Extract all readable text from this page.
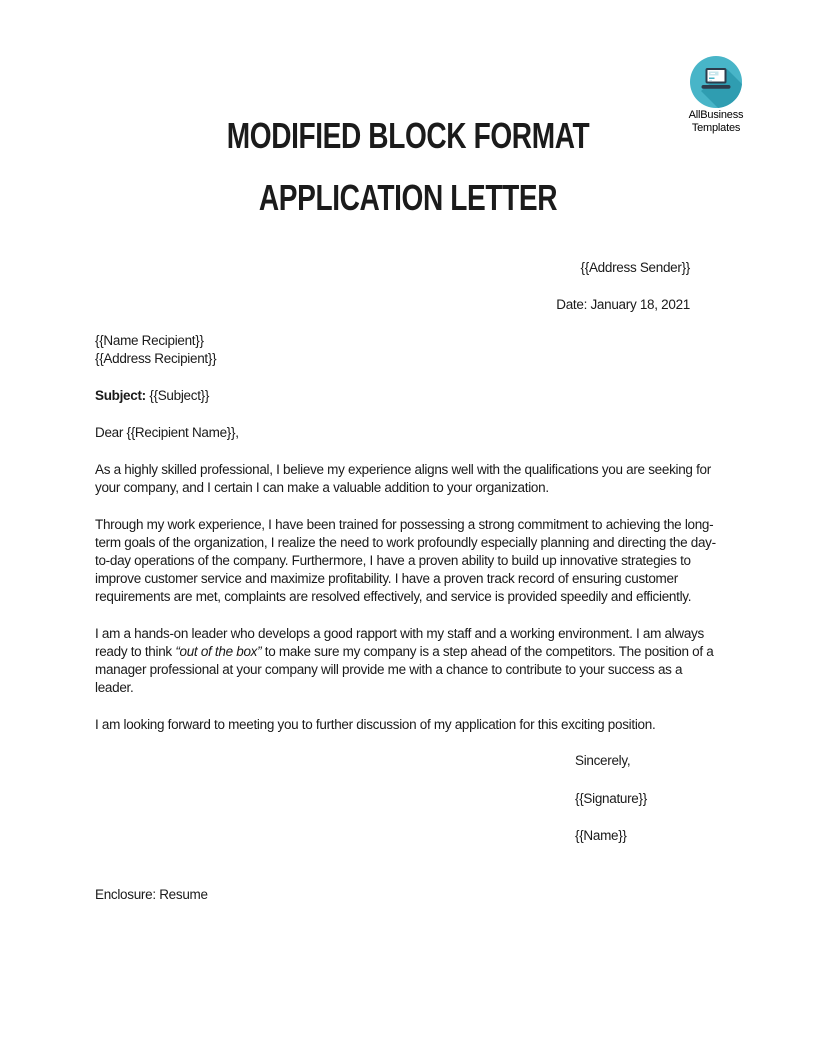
AllBusiness
Templates
MODIFIED BLOCK FORMAT
APPLICATION LETTER
{{Address Sender}}
Date: January 18, 2021
{{Name Recipient}}
{{Address Recipient}}

Subject: {{Subject}}

Dear {{Recipient Name}},

As a highly skilled professional, I believe my experience aligns well with the qualifications you are seeking for your company, and I certain I can make a valuable addition to your organization.

Through my work experience, I have been trained for possessing a strong commitment to achieving the long-term goals of the organization, I realize the need to work profoundly especially planning and directing the day-to-day operations of the company. Furthermore, I have a proven ability to build up innovative strategies to improve customer service and maximize profitability. I have a proven track record of ensuring customer requirements are met, complaints are resolved effectively, and service is provided speedily and efficiently.

I am a hands-on leader who develops a good rapport with my staff and a working environment. I am always ready to think “out of the box” to make sure my company is a step ahead of the competitors. The position of a manager professional at your company will provide me with a chance to contribute to your success as a leader.

I am looking forward to meeting you to further discussion of my application for this exciting position.

Sincerely,

{{Signature}}

{{Name}}

Enclosure: Resume
